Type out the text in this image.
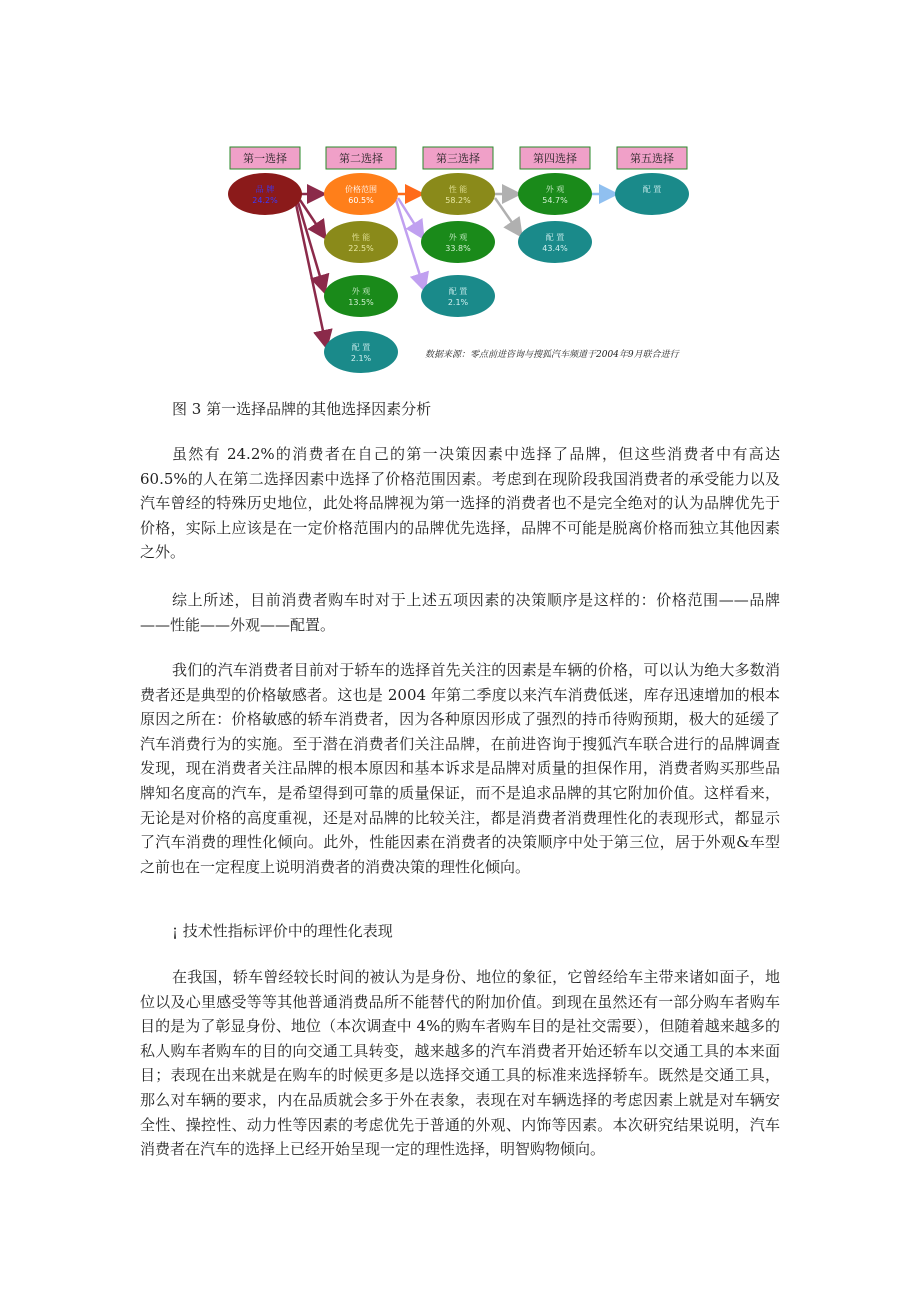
第一选择	第二选择	第三选择	第四选择	第五选择
品 牌
24.2%
价格范围
60.5%
性 能
22.5%
外 观
13.5%
配 置
2.1%
性 能
58.2%
外 观
33.8%
配 置
2.1%
外 观
54.7%
配 置
43.4%
配 置
数据来源：零点前进咨询与搜狐汽车频道于2004年9月联合进行
图 3 第一选择品牌的其他选择因素分析

虽然有 24.2%的消费者在自己的第一决策因素中选择了品牌，但这些消费者中有高达 60.5%的人在第二选择因素中选择了价格范围因素。考虑到在现阶段我国消费者的承受能力以及汽车曾经的特殊历史地位，此处将品牌视为第一选择的消费者也不是完全绝对的认为品牌优先于价格，实际上应该是在一定价格范围内的品牌优先选择，品牌不可能是脱离价格而独立其他因素之外。

综上所述，目前消费者购车时对于上述五项因素的决策顺序是这样的：价格范围——品牌——性能——外观——配置。

我们的汽车消费者目前对于轿车的选择首先关注的因素是车辆的价格，可以认为绝大多数消费者还是典型的价格敏感者。这也是 2004 年第二季度以来汽车消费低迷，库存迅速增加的根本原因之所在：价格敏感的轿车消费者，因为各种原因形成了强烈的持币待购预期，极大的延缓了汽车消费行为的实施。至于潜在消费者们关注品牌，在前进咨询于搜狐汽车联合进行的品牌调查发现，现在消费者关注品牌的根本原因和基本诉求是品牌对质量的担保作用，消费者购买那些品牌知名度高的汽车，是希望得到可靠的质量保证，而不是追求品牌的其它附加价值。这样看来，无论是对价格的高度重视，还是对品牌的比较关注，都是消费者消费理性化的表现形式，都显示了汽车消费的理性化倾向。此外，性能因素在消费者的决策顺序中处于第三位，居于外观&车型之前也在一定程度上说明消费者的消费决策的理性化倾向。

¡ 技术性指标评价中的理性化表现

在我国，轿车曾经较长时间的被认为是身份、地位的象征，它曾经给车主带来诸如面子，地位以及心里感受等等其他普通消费品所不能替代的附加价值。到现在虽然还有一部分购车者购车目的是为了彰显身份、地位（本次调查中 4%的购车者购车目的是社交需要），但随着越来越多的私人购车者购车的目的向交通工具转变，越来越多的汽车消费者开始还轿车以交通工具的本来面目；表现在出来就是在购车的时候更多是以选择交通工具的标准来选择轿车。既然是交通工具，那么对车辆的要求，内在品质就会多于外在表象，表现在对车辆选择的考虑因素上就是对车辆安全性、操控性、动力性等因素的考虑优先于普通的外观、内饰等因素。本次研究结果说明，汽车消费者在汽车的选择上已经开始呈现一定的理性选择，明智购物倾向。
